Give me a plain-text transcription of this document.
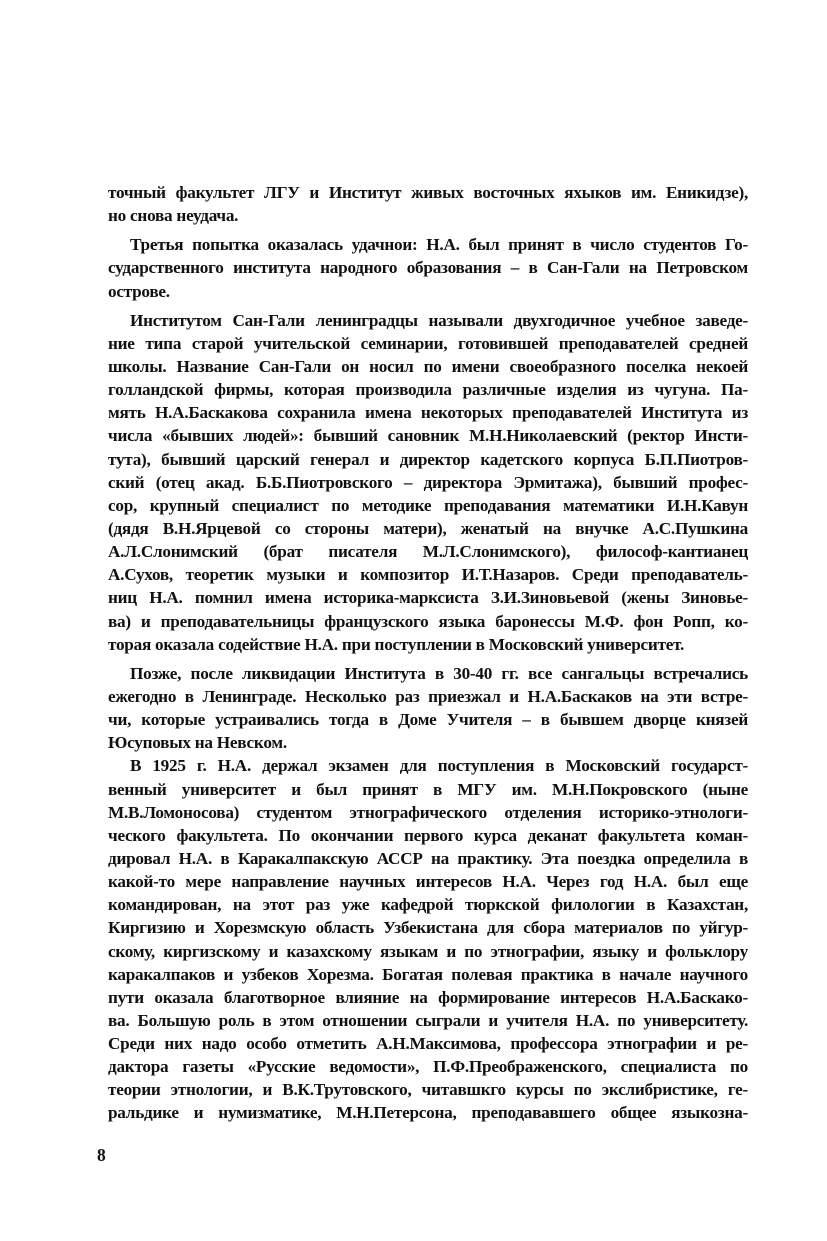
точный факультет ЛГУ и Институт живых восточных яхыков им. Еникидзе),
но снова неудача.
Третья попытка оказалась удачнои: Н.А. был принят в число студентов Го-
сударственного института народного образования – в Сан-Гали на Петровском
острове.
Институтом Сан-Гали ленинградцы называли двухгодичное учебное заведе-
ние типа старой учительской семинарии, готовившей преподавателей средней
школы. Название Сан-Гали он носил по имени своеобразного поселка некоей
голландской фирмы, которая производила различные изделия из чугуна. Па-
мять Н.А.Баскакова сохранила имена некоторых преподавателей Института из
числа «бывших людей»: бывший сановник М.Н.Николаевский (ректор Инсти-
тута), бывший царский генерал и директор кадетского корпуса Б.П.Пиотров-
ский (отец акад. Б.Б.Пиотровского – директора Эрмитажа), бывший профес-
сор, крупный специалист по методике преподавания математики И.Н.Кавун
(дядя В.Н.Ярцевой со стороны матери), женатый на внучке А.С.Пушкина
А.Л.Слонимский (брат писателя М.Л.Слонимского), философ-кантианец
А.Сухов, теоретик музыки и композитор И.Т.Назаров. Среди преподаватель-
ниц Н.А. помнил имена историка-марксиста З.И.Зиновьевой (жены Зиновье-
ва) и преподавательницы французского языка баронессы М.Ф. фон Ропп, ко-
торая оказала содействие Н.А. при поступлении в Московский университет.
Позже, после ликвидации Института в 30-40 гг. все сангальцы встречались
ежегодно в Ленинграде. Несколько раз приезжал и Н.А.Баскаков на эти встре-
чи, которые устраивались тогда в Доме Учителя – в бывшем дворце князей
Юсуповых на Невском.
В 1925 г. Н.А. держал экзамен для поступления в Московский государст-
венный университет и был принят в МГУ им. М.Н.Покровского (ныне
М.В.Ломоносова) студентом этнографического отделения историко-этнологи-
ческого факультета. По окончании первого курса деканат факультета коман-
дировал Н.А. в Каракалпакскую АССР на практику. Эта поездка определила в
какой-то мере направление научных интересов Н.А. Через год Н.А. был еще
командирован, на этот раз уже кафедрой тюркской филологии в Казахстан,
Киргизию и Хорезмскую область Узбекистана для сбора материалов по уйгур-
скому, киргизскому и казахскому языкам и по этнографии, языку и фольклору
каракалпаков и узбеков Хорезма. Богатая полевая практика в начале научного
пути оказала благотворное влияние на формирование интересов Н.А.Баскако-
ва. Большую роль в этом отношении сыграли и учителя Н.А. по университету.
Среди них надо особо отметить А.Н.Максимова, профессора этнографии и ре-
дактора газеты «Русские ведомости», П.Ф.Преображенского, специалиста по
теории этнологии, и В.К.Трутовского, читавшкго курсы по экслибристике, ге-
ральдике и нумизматике, М.Н.Петерсона, преподававшего общее языкозна-
8
